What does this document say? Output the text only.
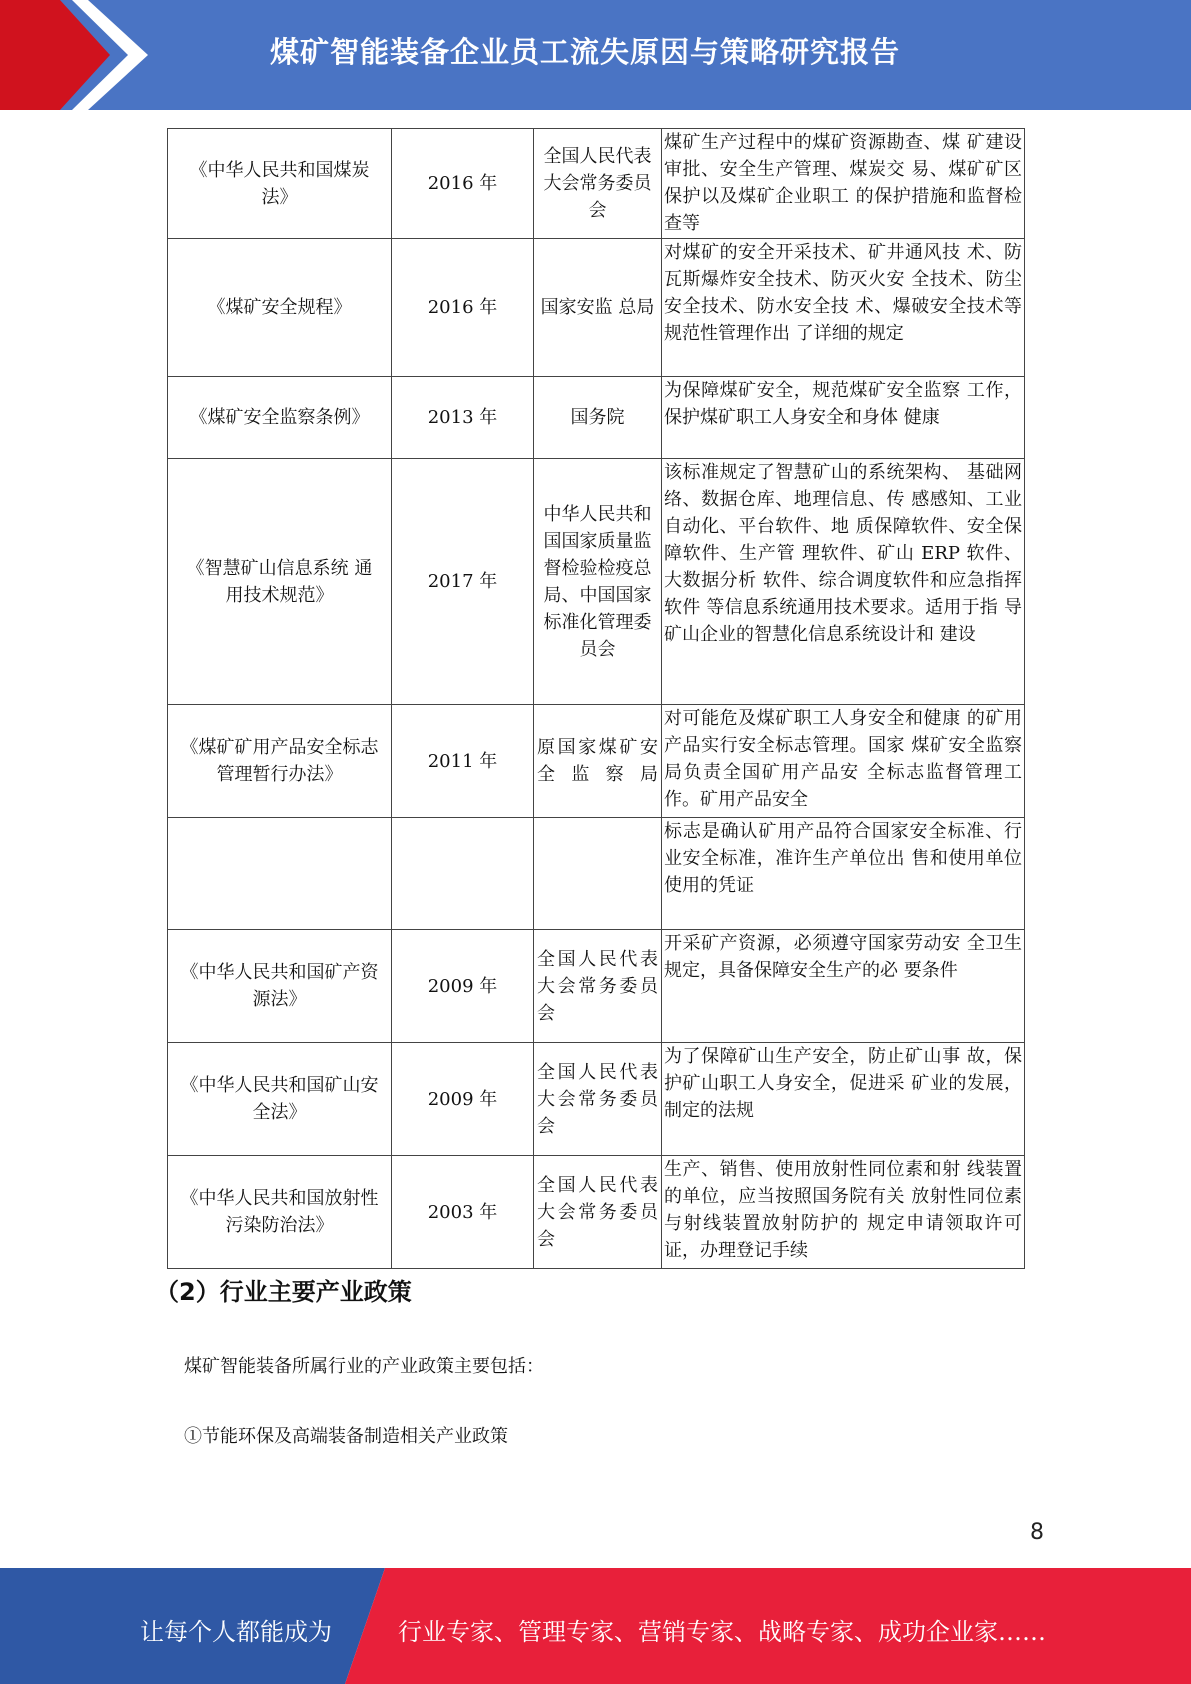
煤矿智能装备企业员工流失原因与策略研究报告
《中华人民共和国煤炭法》	2016 年	全国人民代表大会常务委员会	煤矿生产过程中的煤矿资源勘查、煤 矿建设审批、安全生产管理、煤炭交 易、煤矿矿区保护以及煤矿企业职工 的保护措施和监督检查等
《煤矿安全规程》	2016 年	国家安监 总局	对煤矿的安全开采技术、矿井通风技 术、防瓦斯爆炸安全技术、防灭火安 全技术、防尘安全技术、防水安全技 术、爆破安全技术等规范性管理作出 了详细的规定
《煤矿安全监察条例》	2013 年	国务院	为保障煤矿安全，规范煤矿安全监察 工作，保护煤矿职工人身安全和身体 健康
《智慧矿山信息系统 通用技术规范》	2017 年	中华人民共和国国家质量监督检验检疫总局、中国国家标准化管理委员会	该标准规定了智慧矿山的系统架构、 基础网络、数据仓库、地理信息、传 感感知、工业自动化、平台软件、地 质保障软件、安全保障软件、生产管 理软件、矿山 ERP 软件、大数据分析 软件、综合调度软件和应急指挥软件 等信息系统通用技术要求。适用于指 导矿山企业的智慧化信息系统设计和 建设
《煤矿矿用产品安全标志管理暂行办法》	2011 年	原国家煤矿安全监察局	对可能危及煤矿职工人身安全和健康 的矿用产品实行安全标志管理。国家 煤矿安全监察局负责全国矿用产品安 全标志监督管理工作。矿用产品安全
			标志是确认矿用产品符合国家安全标准、行业安全标准，准许生产单位出 售和使用单位使用的凭证
《中华人民共和国矿产资源法》	2009 年	全国人民代表大会常务委员会	开采矿产资源，必须遵守国家劳动安 全卫生规定，具备保障安全生产的必 要条件
《中华人民共和国矿山安全法》	2009 年	全国人民代表大会常务委员会	为了保障矿山生产安全，防止矿山事 故，保护矿山职工人身安全，促进采 矿业的发展，制定的法规
《中华人民共和国放射性污染防治法》	2003 年	全国人民代表大会常务委员会	生产、销售、使用放射性同位素和射 线装置的单位，应当按照国务院有关 放射性同位素与射线装置放射防护的 规定申请领取许可证，办理登记手续
（2）行业主要产业政策
煤矿智能装备所属行业的产业政策主要包括：
①节能环保及高端装备制造相关产业政策
8
让每个人都能成为	行业专家、管理专家、营销专家、战略专家、成功企业家……
